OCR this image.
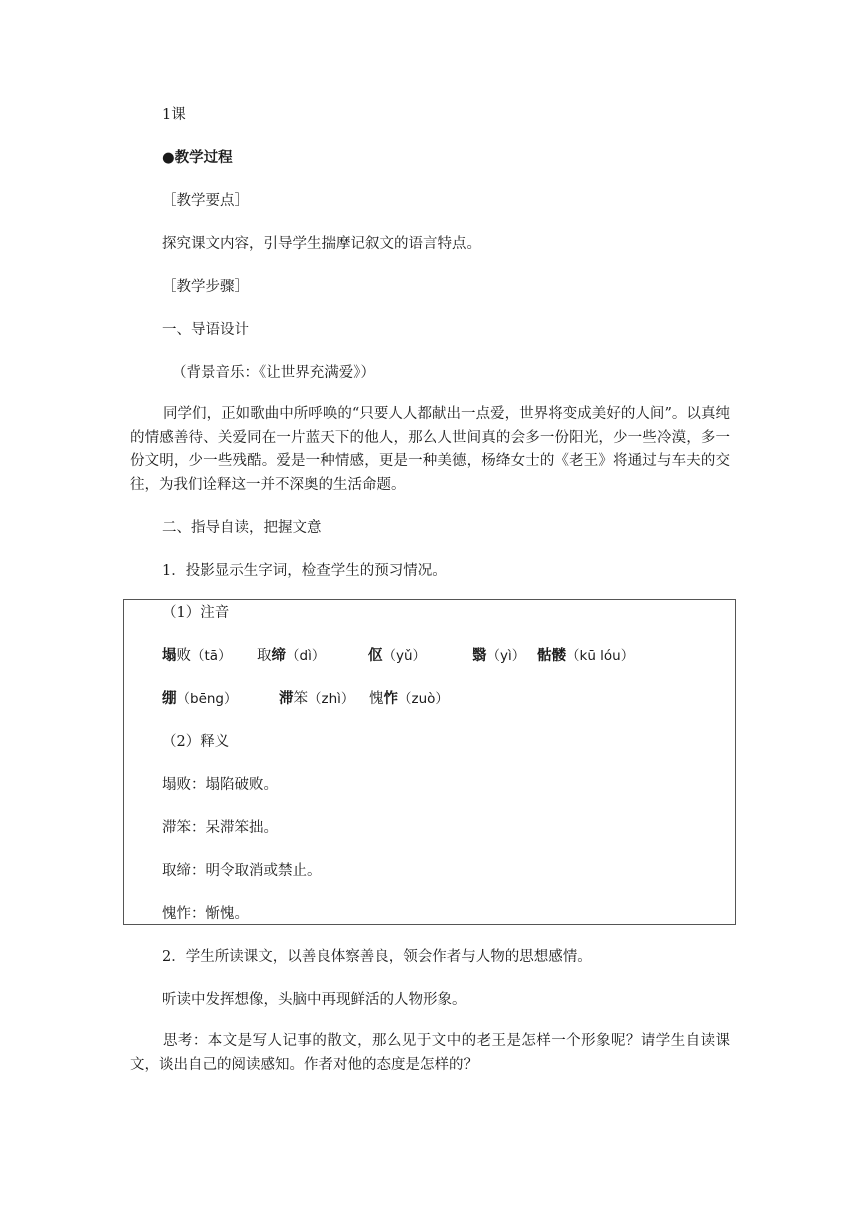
1课
●教学过程
［教学要点］
探究课文内容，引导学生揣摩记叙文的语言特点。
［教学步骤］
一、导语设计
（背景音乐：《让世界充满爱》）
同学们，正如歌曲中所呼唤的“只要人人都献出一点爱，世界将变成美好的人间”。以真纯的情感善待、关爱同在一片蓝天下的他人，那么人世间真的会多一份阳光，少一些冷漠，多一份文明，少一些残酷。爱是一种情感，更是一种美德，杨绛女士的《老王》将通过与车夫的交往，为我们诠释这一并不深奥的生活命题。
二、指导自读，把握文意
1．投影显示生字词，检查学生的预习情况。
（1）注音
塌败（tā） 取缔（dì）	伛（yǔ）	翳（yì） 骷髅（kū lóu）
绷（bēng）	滞笨（zhì） 愧怍（zuò）
（2）释义
塌败：塌陷破败。
滞笨：呆滞笨拙。
取缔：明令取消或禁止。
愧怍：惭愧。
2．学生所读课文，以善良体察善良，领会作者与人物的思想感情。
听读中发挥想像，头脑中再现鲜活的人物形象。
思考：本文是写人记事的散文，那么见于文中的老王是怎样一个形象呢？请学生自读课文，谈出自己的阅读感知。作者对他的态度是怎样的？
